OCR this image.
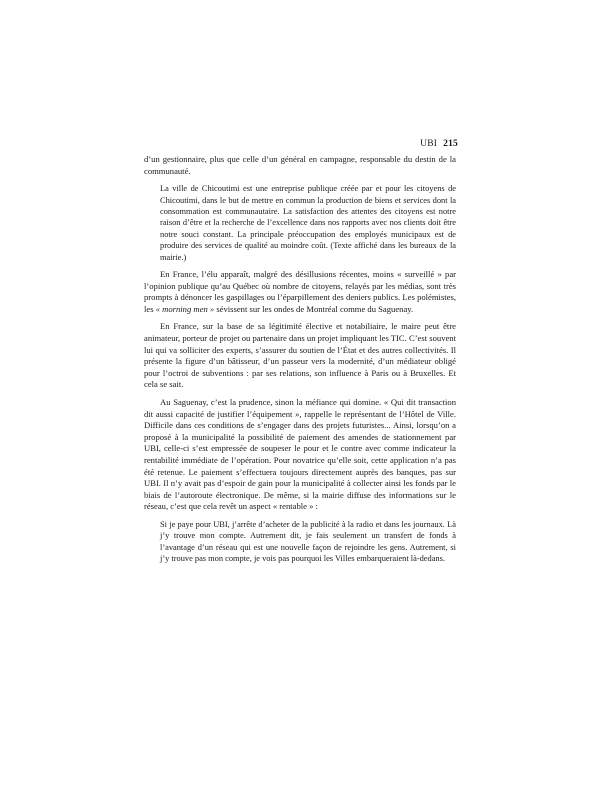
UBI 215

d’un gestionnaire, plus que celle d’un général en campagne, responsable du destin de la communauté.

La ville de Chicoutimi est une entreprise publique créée par et pour les citoyens de Chicoutimi, dans le but de mettre en commun la production de biens et services dont la consommation est communautaire. La satisfaction des attentes des citoyens est notre raison d’être et la recherche de l’excellence dans nos rapports avec nos clients doit être notre souci constant. La principale préoccupation des employés municipaux est de produire des services de qualité au moindre coût. (Texte affiché dans les bureaux de la mairie.)

En France, l’élu apparaît, malgré des désillusions récentes, moins « surveillé » par l’opinion publique qu’au Québec où nombre de citoyens, relayés par les médias, sont très prompts à dénoncer les gaspillages ou l’éparpillement des deniers publics. Les polémistes, les « morning men » sévissent sur les ondes de Montréal comme du Saguenay.

En France, sur la base de sa légitimité élective et notabiliaire, le maire peut être animateur, porteur de projet ou partenaire dans un projet impliquant les TIC. C’est souvent lui qui va solliciter des experts, s’assurer du soutien de l’État et des autres collectivités. Il présente la figure d’un bâtisseur, d’un passeur vers la modernité, d’un médiateur obligé pour l’octroi de subventions : par ses relations, son influence à Paris ou à Bruxelles. Et cela se sait.

Au Saguenay, c’est la prudence, sinon la méfiance qui domine. « Qui dit transaction dit aussi capacité de justifier l’équipement », rappelle le représentant de l’Hôtel de Ville. Difficile dans ces conditions de s’engager dans des projets futuristes... Ainsi, lorsqu’on a proposé à la municipalité la possibilité de paiement des amendes de stationnement par UBI, celle-ci s’est empressée de soupeser le pour et le contre avec comme indicateur la rentabilité immédiate de l’opération. Pour novatrice qu’elle soit, cette application n’a pas été retenue. Le paiement s’effectuera toujours directement auprès des banques, pas sur UBI. Il n’y avait pas d’espoir de gain pour la municipalité à collecter ainsi les fonds par le biais de l’autoroute électronique. De même, si la mairie diffuse des informations sur le réseau, c’est que cela revêt un aspect « rentable » :

Si je paye pour UBI, j’arrête d’acheter de la publicité à la radio et dans les journaux. Là j’y trouve mon compte. Autrement dit, je fais seulement un transfert de fonds à l’avantage d’un réseau qui est une nouvelle façon de rejoindre les gens. Autrement, si j’y trouve pas mon compte, je vois pas pourquoi les Villes embarqueraient là-dedans.
